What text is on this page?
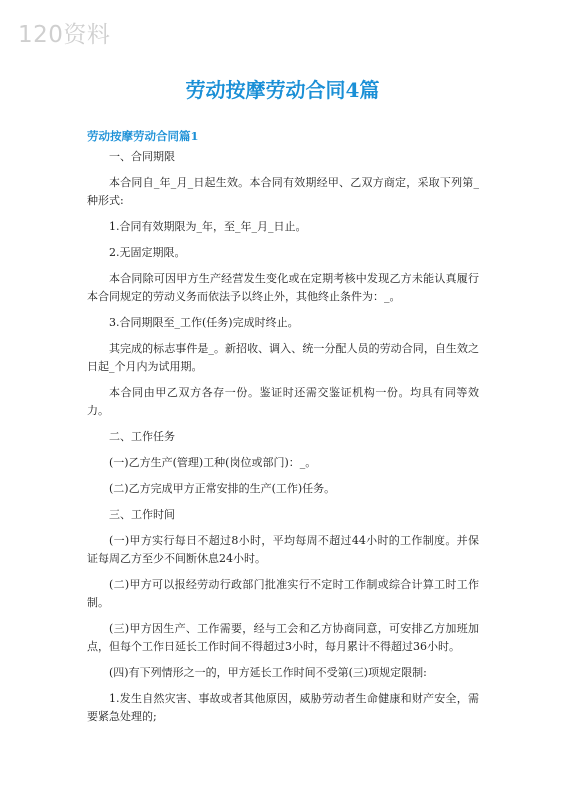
120资料
劳动按摩劳动合同4篇
劳动按摩劳动合同篇1

一、合同期限

本合同自_年_月_日起生效。本合同有效期经甲、乙双方商定，采取下列第_种形式:

1.合同有效期限为_年，至_年_月_日止。

2.无固定期限。

本合同除可因甲方生产经营发生变化或在定期考核中发现乙方未能认真履行本合同规定的劳动义务而依法予以终止外，其他终止条件为：_。

3.合同期限至_工作(任务)完成时终止。

其完成的标志事件是_。新招收、调入、统一分配人员的劳动合同，自生效之日起_个月内为试用期。

本合同由甲乙双方各存一份。鉴证时还需交鉴证机构一份。均具有同等效力。

二、工作任务

(一)乙方生产(管理)工种(岗位或部门)：_。

(二)乙方完成甲方正常安排的生产(工作)任务。

三、工作时间

(一)甲方实行每日不超过8小时，平均每周不超过44小时的工作制度。并保证每周乙方至少不间断休息24小时。

(二)甲方可以报经劳动行政部门批准实行不定时工作制或综合计算工时工作制。

(三)甲方因生产、工作需要，经与工会和乙方协商同意，可安排乙方加班加点，但每个工作日延长工作时间不得超过3小时，每月累计不得超过36小时。

(四)有下列情形之一的，甲方延长工作时间不受第(三)项规定限制:

1.发生自然灾害、事故或者其他原因，威胁劳动者生命健康和财产安全，需要紧急处理的;
